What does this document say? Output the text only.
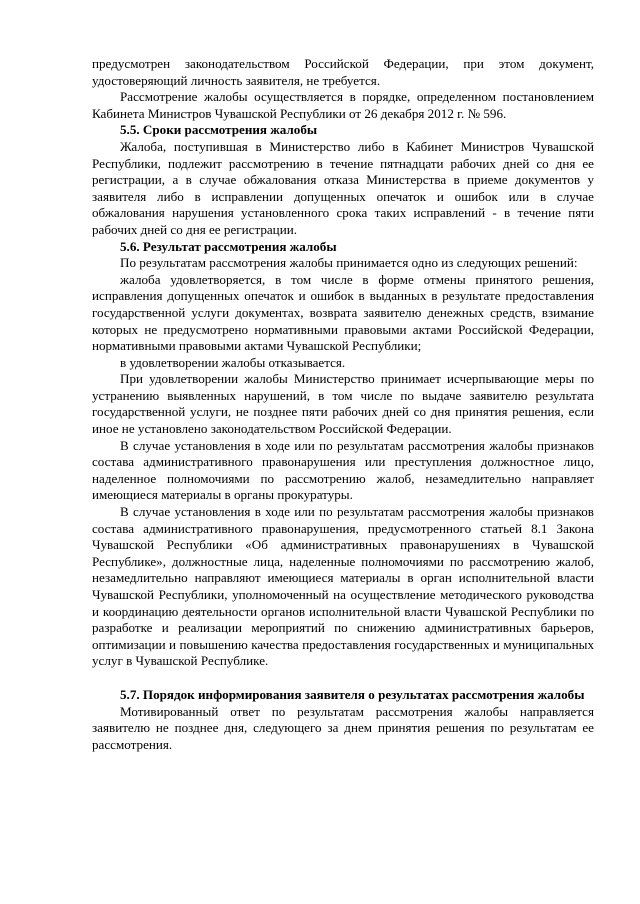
предусмотрен законодательством Российской Федерации, при этом документ, удостоверяющий личность заявителя, не требуется.

Рассмотрение жалобы осуществляется в порядке, определенном постановлением Кабинета Министров Чувашской Республики от 26 декабря 2012 г. № 596.

5.5. Сроки рассмотрения жалобы

Жалоба, поступившая в Министерство либо в Кабинет Министров Чувашской Республики, подлежит рассмотрению в течение пятнадцати рабочих дней со дня ее регистрации, а в случае обжалования отказа Министерства в приеме документов у заявителя либо в исправлении допущенных опечаток и ошибок или в случае обжалования нарушения установленного срока таких исправлений - в течение пяти рабочих дней со дня ее регистрации.

5.6. Результат рассмотрения жалобы

По результатам рассмотрения жалобы принимается одно из следующих решений:

жалоба удовлетворяется, в том числе в форме отмены принятого решения, исправления допущенных опечаток и ошибок в выданных в результате предоставления государственной услуги документах, возврата заявителю денежных средств, взимание которых не предусмотрено нормативными правовыми актами Российской Федерации, нормативными правовыми актами Чувашской Республики;

в удовлетворении жалобы отказывается.

При удовлетворении жалобы Министерство принимает исчерпывающие меры по устранению выявленных нарушений, в том числе по выдаче заявителю результата государственной услуги, не позднее пяти рабочих дней со дня принятия решения, если иное не установлено законодательством Российской Федерации.

В случае установления в ходе или по результатам рассмотрения жалобы признаков состава административного правонарушения или преступления должностное лицо, наделенное полномочиями по рассмотрению жалоб, незамедлительно направляет имеющиеся материалы в органы прокуратуры.

В случае установления в ходе или по результатам рассмотрения жалобы признаков состава административного правонарушения, предусмотренного статьей 8.1 Закона Чувашской Республики «Об административных правонарушениях в Чувашской Республике», должностные лица, наделенные полномочиями по рассмотрению жалоб, незамедлительно направляют имеющиеся материалы в орган исполнительной власти Чувашской Республики, уполномоченный на осуществление методического руководства и координацию деятельности органов исполнительной власти Чувашской Республики по разработке и реализации мероприятий по снижению административных барьеров, оптимизации и повышению качества предоставления государственных и муниципальных услуг в Чувашской Республике.

5.7. Порядок информирования заявителя о результатах рассмотрения жалобы

Мотивированный ответ по результатам рассмотрения жалобы направляется заявителю не позднее дня, следующего за днем принятия решения по результатам ее рассмотрения.
